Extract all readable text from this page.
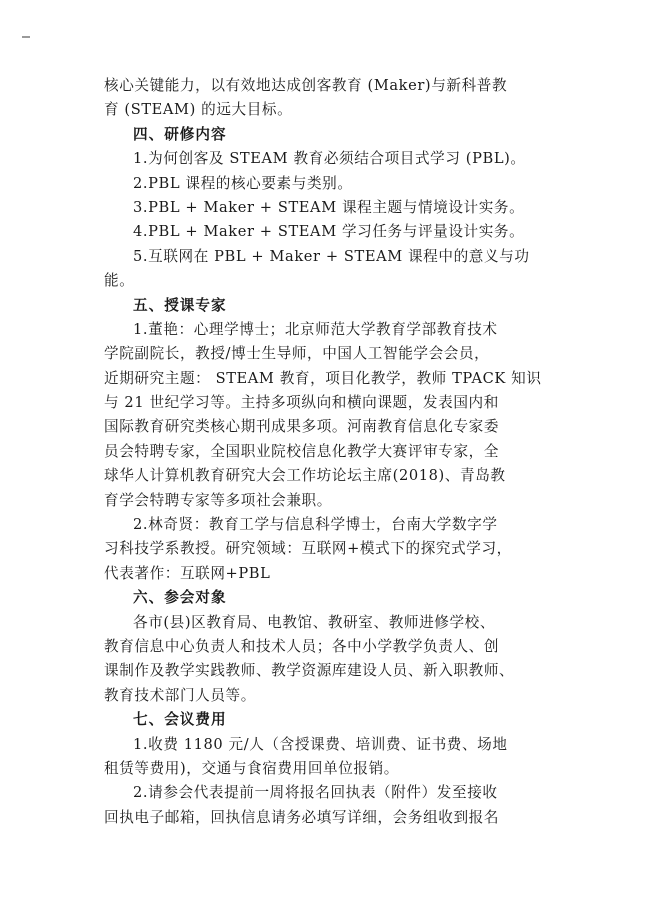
核心关键能力，以有效地达成创客教育 (Maker)与新科普教
育 (STEAM) 的远大目标。
四、研修内容
1.为何创客及 STEAM 教育必须结合项目式学习 (PBL)。
2.PBL 课程的核心要素与类别。
3.PBL + Maker + STEAM 课程主题与情境设计实务。
4.PBL + Maker + STEAM 学习任务与评量设计实务。
5.互联网在 PBL + Maker + STEAM 课程中的意义与功
能。
五、授课专家
1.董艳：心理学博士；北京师范大学教育学部教育技术
学院副院长，教授/博士生导师，中国人工智能学会会员，
近期研究主题： STEAM 教育，项目化教学，教师 TPACK 知识
与 21 世纪学习等。主持多项纵向和横向课题，发表国内和
国际教育研究类核心期刊成果多项。河南教育信息化专家委
员会特聘专家，全国职业院校信息化教学大赛评审专家，全
球华人计算机教育研究大会工作坊论坛主席(2018)、青岛教
育学会特聘专家等多项社会兼职。
2.林奇贤：教育工学与信息科学博士，台南大学数字学
习科技学系教授。研究领域：互联网+模式下的探究式学习，
代表著作：互联网+PBL
六、参会对象
各市(县)区教育局、电教馆、教研室、教师进修学校、
教育信息中心负责人和技术人员；各中小学教学负责人、创
课制作及教学实践教师、教学资源库建设人员、新入职教师、
教育技术部门人员等。
七、会议费用
1.收费 1180 元/人（含授课费、培训费、证书费、场地
租赁等费用)，交通与食宿费用回单位报销。
2.请参会代表提前一周将报名回执表（附件）发至接收
回执电子邮箱，回执信息请务必填写详细，会务组收到报名
